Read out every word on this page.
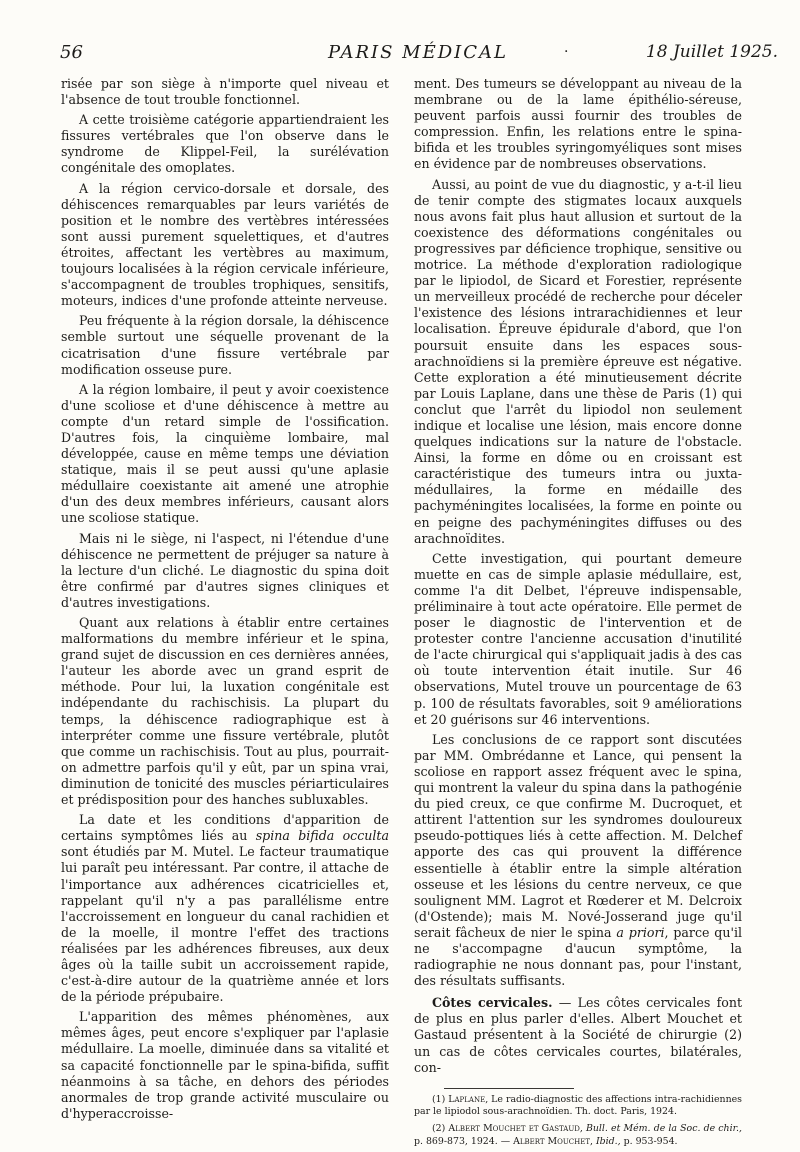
56	PARIS MÉDICAL	·	18 Juillet 1925.

risée par son siège à n'importe quel niveau et l'absence de tout trouble fonctionnel.

A cette troisième catégorie appartiendraient les fissures vertébrales que l'on observe dans le syndrome de Klippel-Feil, la surélévation congénitale des omoplates.

A la région cervico-dorsale et dorsale, des déhiscences remarquables par leurs variétés de position et le nombre des vertèbres intéressées sont aussi purement squelettiques, et d'autres étroites, affectant les vertèbres au maximum, toujours localisées à la région cervicale inférieure, s'accompagnent de troubles trophiques, sensitifs, moteurs, indices d'une profonde atteinte nerveuse.

Peu fréquente à la région dorsale, la déhiscence semble surtout une séquelle provenant de la cicatrisation d'une fissure vertébrale par modification osseuse pure.

A la région lombaire, il peut y avoir coexistence d'une scoliose et d'une déhiscence à mettre au compte d'un retard simple de l'ossification. D'autres fois, la cinquième lombaire, mal développée, cause en même temps une déviation statique, mais il se peut aussi qu'une aplasie médullaire coexistante ait amené une atrophie d'un des deux membres inférieurs, causant alors une scoliose statique.

Mais ni le siège, ni l'aspect, ni l'étendue d'une déhiscence ne permettent de préjuger sa nature à la lecture d'un cliché. Le diagnostic du spina doit être confirmé par d'autres signes cliniques et d'autres investigations.

Quant aux relations à établir entre certaines malformations du membre inférieur et le spina, grand sujet de discussion en ces dernières années, l'auteur les aborde avec un grand esprit de méthode. Pour lui, la luxation congénitale est indépendante du rachischisis. La plupart du temps, la déhiscence radiographique est à interpréter comme une fissure vertébrale, plutôt que comme un rachischisis. Tout au plus, pourrait-on admettre parfois qu'il y eût, par un spina vrai, diminution de tonicité des muscles périarticulaires et prédisposition pour des hanches subluxables.

La date et les conditions d'apparition de certains symptômes liés au spina bifida occulta sont étudiés par M. Mutel. Le facteur traumatique lui paraît peu intéressant. Par contre, il attache de l'importance aux adhérences cicatricielles et, rappelant qu'il n'y a pas parallélisme entre l'accroissement en longueur du canal rachidien et de la moelle, il montre l'effet des tractions réalisées par les adhérences fibreuses, aux deux âges où la taille subit un accroissement rapide, c'est-à-dire autour de la quatrième année et lors de la période prépubaire.

L'apparition des mêmes phénomènes, aux mêmes âges, peut encore s'expliquer par l'aplasie médullaire. La moelle, diminuée dans sa vitalité et sa capacité fonctionnelle par le spina-bifida, suffit néanmoins à sa tâche, en dehors des périodes anormales de trop grande activité musculaire ou d'hyperaccroisse-

ment. Des tumeurs se développant au niveau de la membrane ou de la lame épithélio-séreuse, peuvent parfois aussi fournir des troubles de compression. Enfin, les relations entre le spina-bifida et les troubles syringomyéliques sont mises en évidence par de nombreuses observations.

Aussi, au point de vue du diagnostic, y a-t-il lieu de tenir compte des stigmates locaux auxquels nous avons fait plus haut allusion et surtout de la coexistence des déformations congénitales ou progressives par déficience trophique, sensitive ou motrice. La méthode d'exploration radiologique par le lipiodol, de Sicard et Forestier, représente un merveilleux procédé de recherche pour déceler l'existence des lésions intrarachidiennes et leur localisation. Épreuve épidurale d'abord, que l'on poursuit ensuite dans les espaces sous-arachnoïdiens si la première épreuve est négative. Cette exploration a été minutieusement décrite par Louis Laplane, dans une thèse de Paris (1) qui conclut que l'arrêt du lipiodol non seulement indique et localise une lésion, mais encore donne quelques indications sur la nature de l'obstacle. Ainsi, la forme en dôme ou en croissant est caractéristique des tumeurs intra ou juxta-médullaires, la forme en médaille des pachyméningites localisées, la forme en pointe ou en peigne des pachyméningites diffuses ou des arachnoïdites.

Cette investigation, qui pourtant demeure muette en cas de simple aplasie médullaire, est, comme l'a dit Delbet, l'épreuve indispensable, préliminaire à tout acte opératoire. Elle permet de poser le diagnostic de l'intervention et de protester contre l'ancienne accusation d'inutilité de l'acte chirurgical qui s'appliquait jadis à des cas où toute intervention était inutile. Sur 46 observations, Mutel trouve un pourcentage de 63 p. 100 de résultats favorables, soit 9 améliorations et 20 guérisons sur 46 interventions.

Les conclusions de ce rapport sont discutées par MM. Ombrédanne et Lance, qui pensent la scoliose en rapport assez fréquent avec le spina, qui montrent la valeur du spina dans la pathogénie du pied creux, ce que confirme M. Ducroquet, et attirent l'attention sur les syndromes douloureux pseudo-pottiques liés à cette affection. M. Delchef apporte des cas qui prouvent la différence essentielle à établir entre la simple altération osseuse et les lésions du centre nerveux, ce que soulignent MM. Lagrot et Rœderer et M. Delcroix (d'Ostende); mais M. Nové-Josserand juge qu'il serait fâcheux de nier le spina a priori, parce qu'il ne s'accompagne d'aucun symptôme, la radiographie ne nous donnant pas, pour l'instant, des résultats suffisants.

Côtes cervicales. — Les côtes cervicales font de plus en plus parler d'elles. Albert Mouchet et Gastaud présentent à la Société de chirurgie (2) un cas de côtes cervicales courtes, bilatérales, con-

(1) Laplane, Le radio-diagnostic des affections intra-rachidiennes par le lipiodol sous-arachnoïdien. Th. doct. Paris, 1924.

(2) Albert Mouchet et Gastaud, Bull. et Mém. de la Soc. de chir., p. 869-873, 1924. — Albert Mouchet, Ibid., p. 953-954.
